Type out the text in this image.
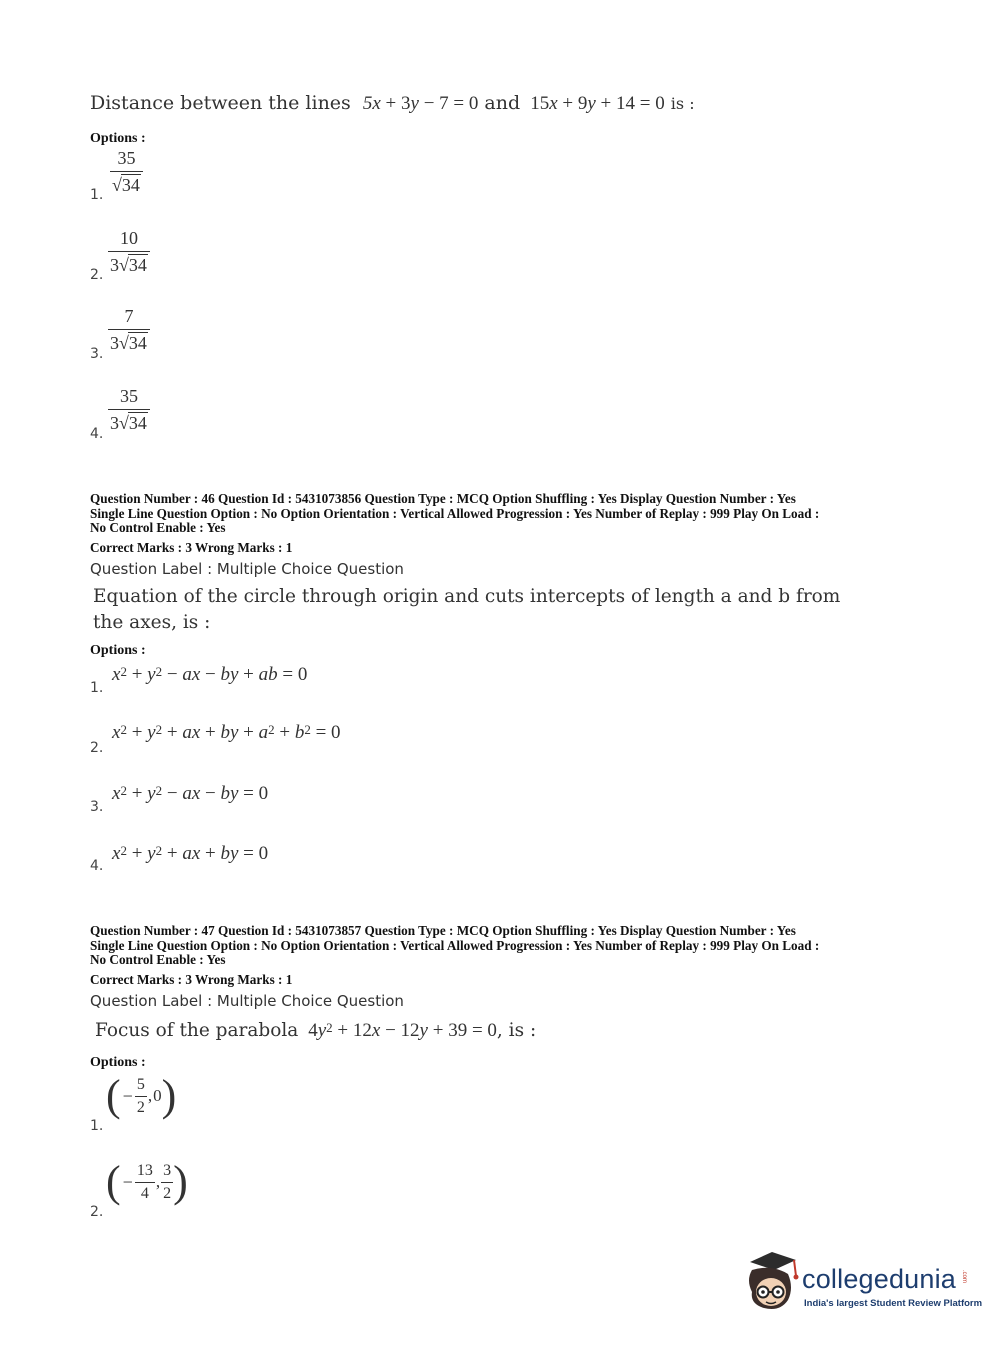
Distance between the lines 5x + 3y − 7 = 0 and 15x + 9y + 14 = 0 is :
Options :
1. $\frac{35}{√34}$
2. $\frac{10}{3√34}$
3. $\frac{7}{3√34}$
4. $\frac{35}{3√34}$
Question Number : 46 Question Id : 5431073856 Question Type : MCQ Option Shuffling : Yes Display Question Number : Yes
Single Line Question Option : No Option Orientation : Vertical Allowed Progression : Yes Number of Replay : 999 Play On Load :
No Control Enable : Yes
Correct Marks : 3 Wrong Marks : 1
Question Label : Multiple Choice Question
Equation of the circle through origin and cuts intercepts of length a and b from
the axes, is :
Options :
1.
$x^2 + y^2$ − ax − by + ab = 0
2.
$x^2 + y^2$ + ax + by + $a^2 + b^2 = 0$
3.
$x^2 + y^2$ − ax − by = 0
4.
$x^2 + y^2$ + ax + by = 0
Question Number : 47 Question Id : 5431073857 Question Type : MCQ Option Shuffling : Yes Display Question Number : Yes
Single Line Question Option : No Option Orientation : Vertical Allowed Progression : Yes Number of Replay : 999 Play On Load :
No Control Enable : Yes
Correct Marks : 3 Wrong Marks : 1
Question Label : Multiple Choice Question
Focus of the parabola $4y^2 + 12x - 12y + 39 = 0$, is :
Options :
1.
( − $\frac{5}{2}$ , 0 )
2.
( − $\frac{13}{4}$ , $\frac{3}{2}$ )
collegedunia .com
India's largest Student Review Platform
